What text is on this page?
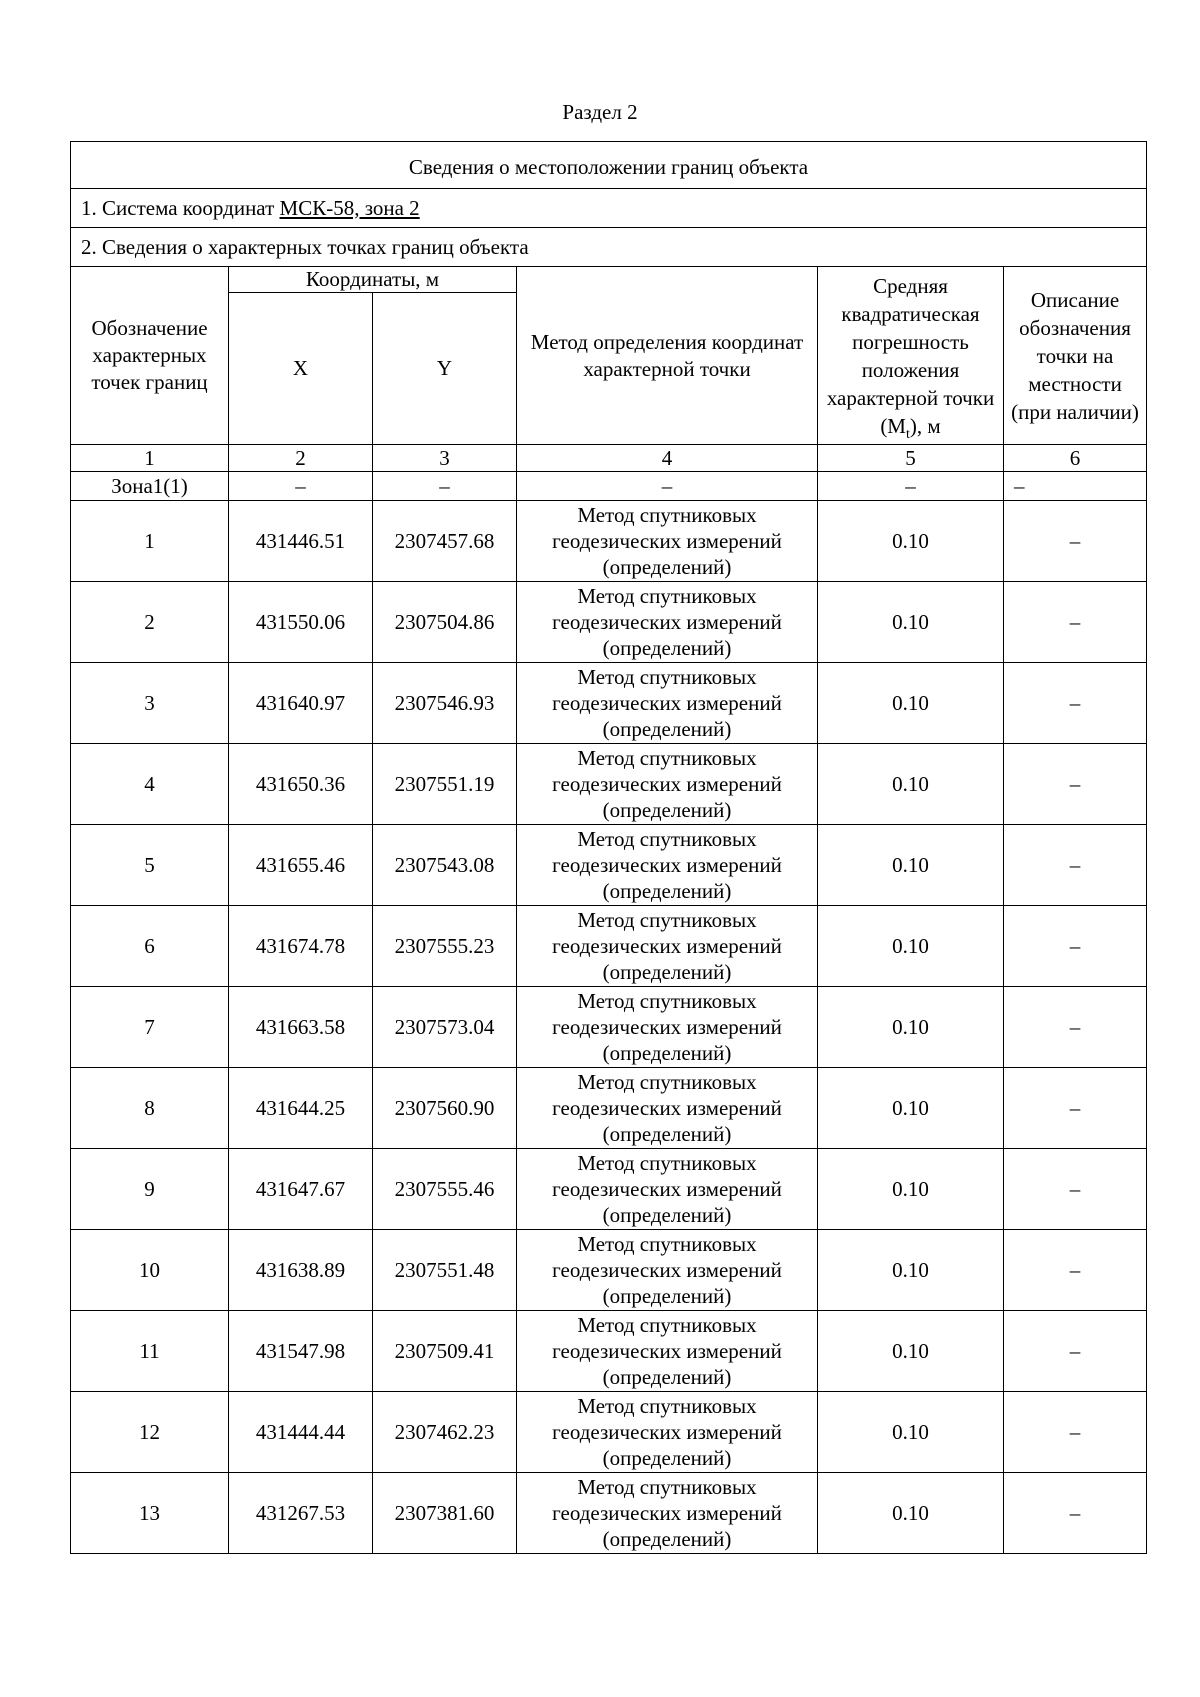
Раздел 2
Сведения о местоположении границ объекта					
1. Система координат МСК-58, зона 2					
2. Сведения о характерных точках границ объекта					
Обозначение характерных точек границ	Координаты, м		Метод определения координат характерной точки	Средняя квадратическая погрешность положения характерной точки $(M_t)$, м	Описание обозначения точки на местности (при наличии)
	X	Y			
1	2	3	4	5	6
Зона1(1)	–	–	–	–	–
1	431446.51	2307457.68	Метод спутниковых геодезических измерений (определений)	0.10	–
2	431550.06	2307504.86	Метод спутниковых геодезических измерений (определений)	0.10	–
3	431640.97	2307546.93	Метод спутниковых геодезических измерений (определений)	0.10	–
4	431650.36	2307551.19	Метод спутниковых геодезических измерений (определений)	0.10	–
5	431655.46	2307543.08	Метод спутниковых геодезических измерений (определений)	0.10	–
6	431674.78	2307555.23	Метод спутниковых геодезических измерений (определений)	0.10	–
7	431663.58	2307573.04	Метод спутниковых геодезических измерений (определений)	0.10	–
8	431644.25	2307560.90	Метод спутниковых геодезических измерений (определений)	0.10	–
9	431647.67	2307555.46	Метод спутниковых геодезических измерений (определений)	0.10	–
10	431638.89	2307551.48	Метод спутниковых геодезических измерений (определений)	0.10	–
11	431547.98	2307509.41	Метод спутниковых геодезических измерений (определений)	0.10	–
12	431444.44	2307462.23	Метод спутниковых геодезических измерений (определений)	0.10	–
13	431267.53	2307381.60	Метод спутниковых геодезических измерений (определений)	0.10	–
